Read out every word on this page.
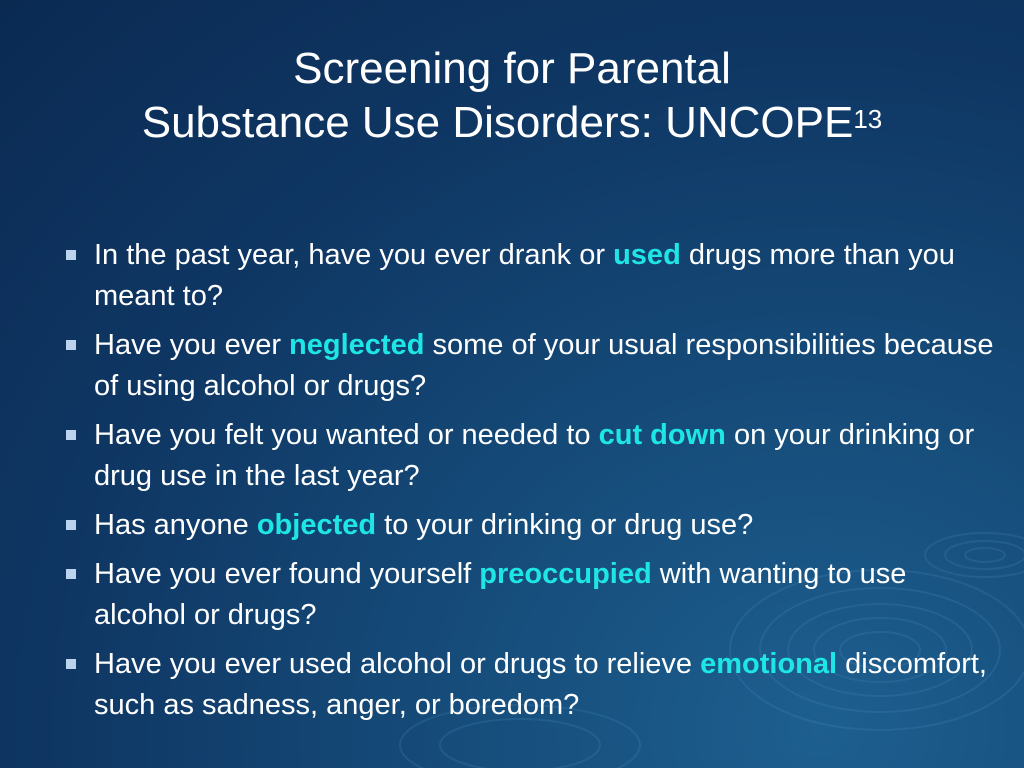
Screening for Parental
Substance Use Disorders: UNCOPE$^{13}$
In the past year, have you ever drank or used drugs more than you meant to?
Have you ever neglected some of your usual responsibilities because of using alcohol or drugs?
Have you felt you wanted or needed to cut down on your drinking or drug use in the last year?
Has anyone objected to your drinking or drug use?
Have you ever found yourself preoccupied with wanting to use alcohol or drugs?
Have you ever used alcohol or drugs to relieve emotional discomfort, such as sadness, anger, or boredom?
